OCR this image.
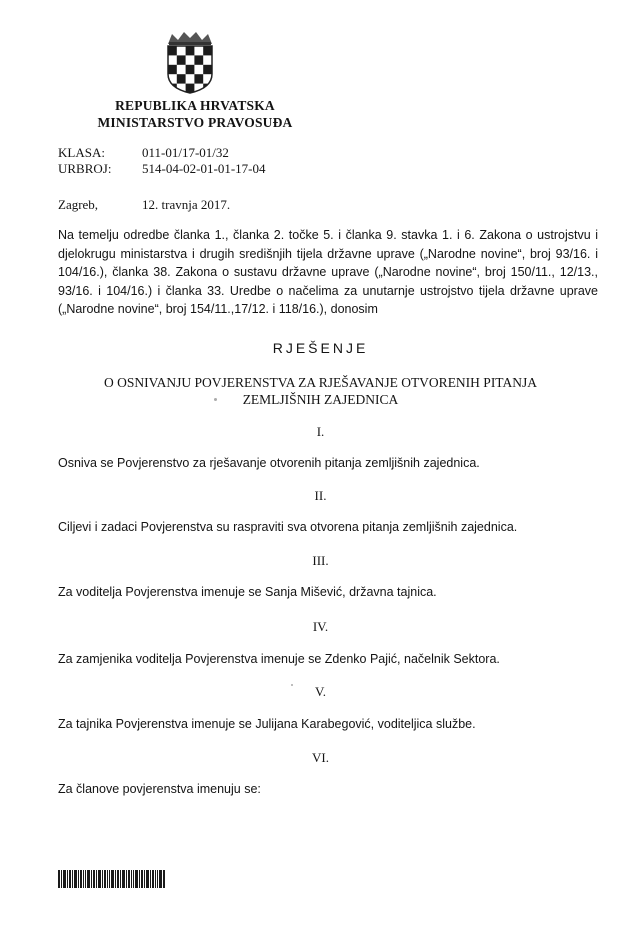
REPUBLIKA HRVATSKA
MINISTARSTVO PRAVOSUĐA
KLASA:	011-01/17-01/32
URBROJ: 514-04-02-01-01-17-04
Zagreb,	12. travnja 2017.
Na temelju odredbe članka 1., članka 2. točke 5. i članka 9. stavka 1. i 6. Zakona o ustrojstvu i djelokrugu ministarstva i drugih središnjih tijela državne uprave („Narodne novine“, broj 93/16. i 104/16.), članka 38. Zakona o sustavu državne uprave („Narodne novine“, broj 150/11., 12/13., 93/16. i 104/16.) i članka 33. Uredbe o načelima za unutarnje ustrojstvo tijela državne uprave („Narodne novine“, broj 154/11.,17/12. i 118/16.), donosim
RJEŠENJE
O OSNIVANJU POVJERENSTVA ZA RJEŠAVANJE OTVORENIH PITANJA
ZEMLJIŠNIH ZAJEDNICA
I.
Osniva se Povjerenstvo za rješavanje otvorenih pitanja zemljišnih zajednica.
II.
Ciljevi i zadaci Povjerenstva su raspraviti sva otvorena pitanja zemljišnih zajednica.
III.
Za voditelja Povjerenstva imenuje se Sanja Mišević, državna tajnica.
IV.
Za zamjenika voditelja Povjerenstva imenuje se Zdenko Pajić, načelnik Sektora.
V.
Za tajnika Povjerenstva imenuje se Julijana Karabegović, voditeljica službe.
VI.
Za članove povjerenstva imenuju se:
